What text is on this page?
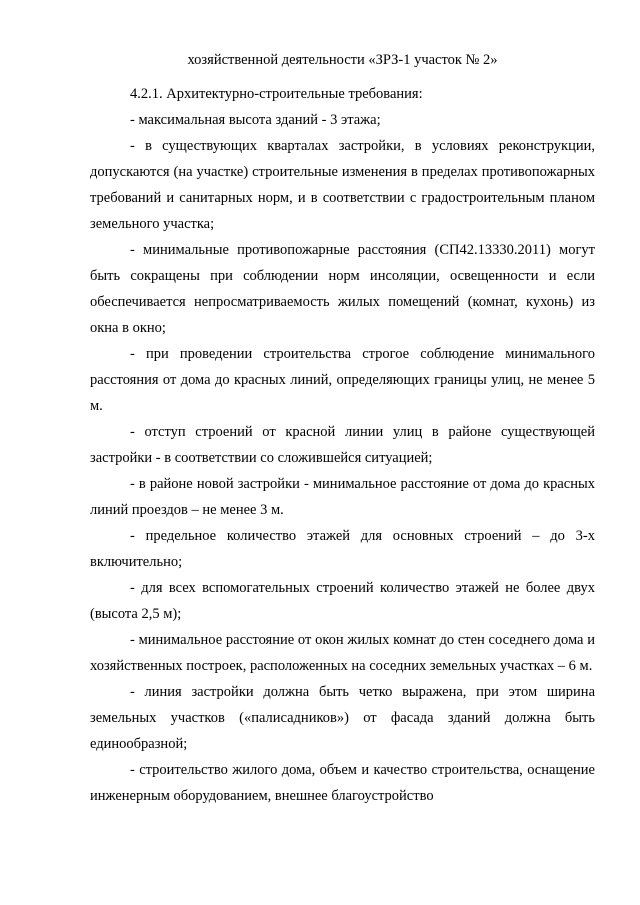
хозяйственной деятельности «ЗРЗ-1 участок № 2»

4.2.1. Архитектурно-строительные требования:

- максимальная высота зданий - 3 этажа;

- в существующих кварталах застройки, в условиях реконструкции, допускаются (на участке) строительные изменения в пределах противопожарных требований и санитарных норм, и в соответствии с градостроительным планом земельного участка;

- минимальные противопожарные расстояния (СП42.13330.2011) могут быть сокращены при соблюдении норм инсоляции, освещенности и если обеспечивается непросматриваемость жилых помещений (комнат, кухонь) из окна в окно;

- при проведении строительства строгое соблюдение минимального расстояния от дома до красных линий, определяющих границы улиц, не менее 5 м.

- отступ строений от красной линии улиц в районе существующей застройки - в соответствии со сложившейся ситуацией;

- в районе новой застройки - минимальное расстояние от дома до красных линий проездов – не менее 3 м.

- предельное количество этажей для основных строений – до 3-х включительно;

- для всех вспомогательных строений количество этажей не более двух (высота 2,5 м);

- минимальное расстояние от окон жилых комнат до стен соседнего дома и хозяйственных построек, расположенных на соседних земельных участках – 6 м.

- линия застройки должна быть четко выражена, при этом ширина земельных участков («палисадников») от фасада зданий должна быть единообразной;

- строительство жилого дома, объем и качество строительства, оснащение инженерным оборудованием, внешнее благоустройство
